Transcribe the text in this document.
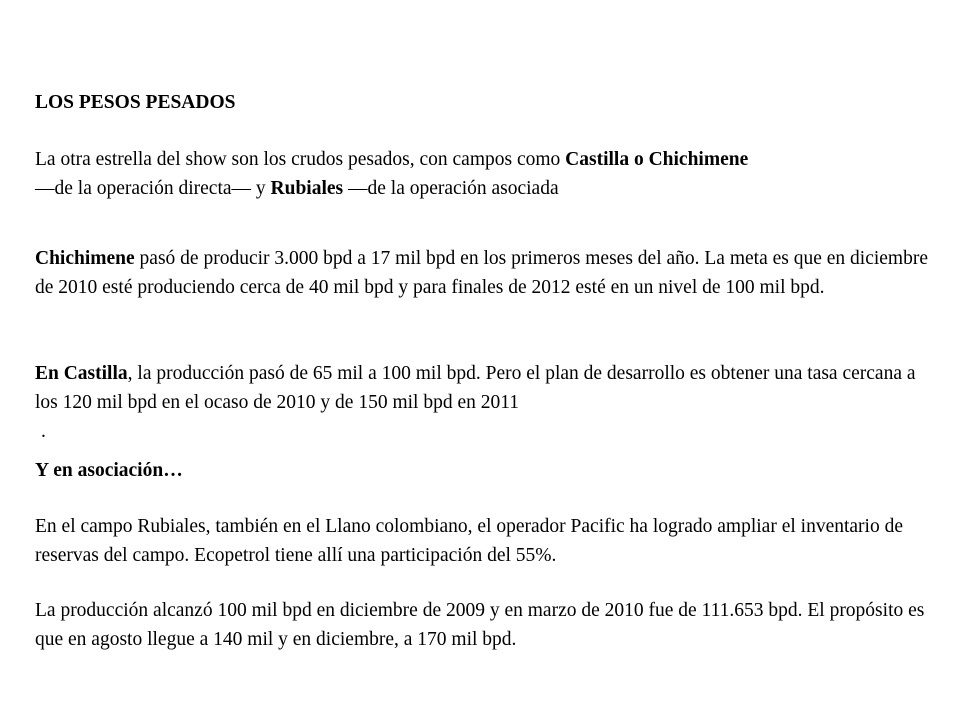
LOS PESOS PESADOS

La otra estrella del show son los crudos pesados, con campos como Castilla o Chichimene
—de la operación directa— y Rubiales —de la operación asociada

Chichimene pasó de producir 3.000 bpd a 17 mil bpd en los primeros meses del año. La meta es que en diciembre de 2010 esté produciendo cerca de 40 mil bpd y para finales de 2012 esté en un nivel de 100 mil bpd.

En Castilla, la producción pasó de 65 mil a 100 mil bpd. Pero el plan de desarrollo es obtener una tasa cercana a los 120 mil bpd en el ocaso de 2010 y de 150 mil bpd en 2011
.

Y en asociación…

En el campo Rubiales, también en el Llano colombiano, el operador Pacific ha logrado ampliar el inventario de reservas del campo. Ecopetrol tiene allí una participación del 55%.

La producción alcanzó 100 mil bpd en diciembre de 2009 y en marzo de 2010 fue de 111.653 bpd. El propósito es que en agosto llegue a 140 mil y en diciembre, a 170 mil bpd.
